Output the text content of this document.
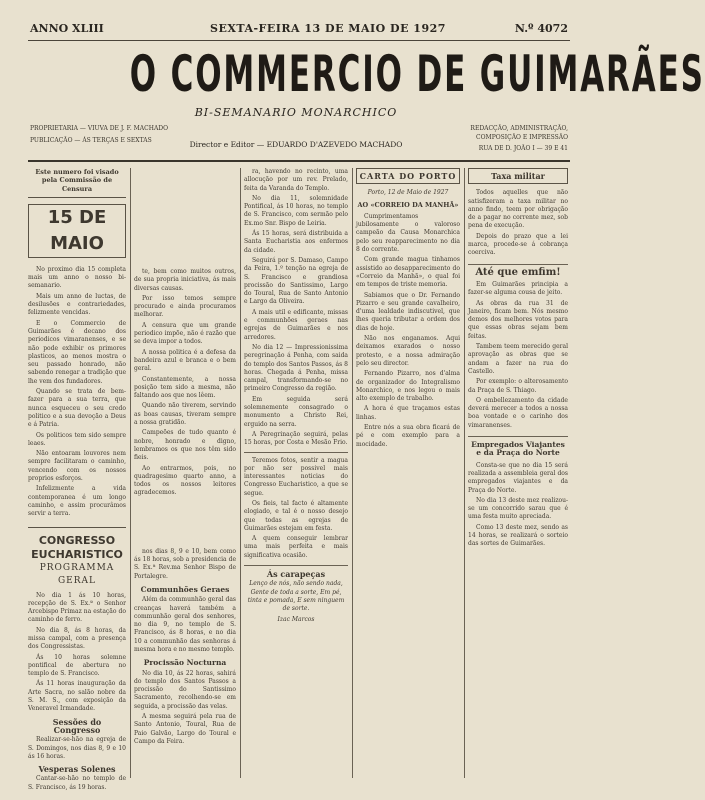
ANNO XLIII	SEXTA-FEIRA 13 DE MAIO DE 1927	N.º 4072
O COMMERCIO DE GUIMARÃES
BI-SEMANARIO MONARCHICO
PROPRIETARIA — VIUVA DE J. F. MACHADO
PUBLICAÇÃO — ÁS TERÇAS E SEXTAS	Director e Editor — EDUARDO D'AZEVEDO MACHADO
REDACÇÃO, ADMINISTRAÇÃO, COMPOSIÇÃO E IMPRESSÃO
RUA DE D. JOÃO I — 39 E 41
Este numero foi visado pela Commissão de Censura
15 DE MAIO

No proximo dia 15 completa mais um anno o nosso bi-semanario.

Mais um anno de luctas, de desilusões e contrariedades, felizmente vencidas.

E o Commercio de Guimarães é decano dos periodicos vimaranenses, e se não pode exhibir os primores plasticos, ao menos mostra o seu passado honrado, não sabendo renegar a tradição que lhe vem dos fundadores.

Quando se trata de bem-fazer para a sua terra, que nunca esqueceu o seu credo politico e a sua devoção a Deus e á Patria.

Os politicos tem sido sempre leaes.

Não entoaram louvores nem sempre facilitaram o caminho, vencendo com os nossos proprios esforços.

Infelizmente a vida contemporanea é um longo caminho, e assim procurâmos servir a terra.

CONGRESSO EUCHARISTICO
PROGRAMMA GERAL

No dia 1 ás 10 horas, recepção de S. Ex.ª o Senhor Arcebispo Primaz na estação do caminho de ferro.

No dia 8, ás 8 horas, da missa campal, com a presença dos Congressistas.

Ás 10 horas solemne pontifical de abertura no templo de S. Francisco.

Ás 11 horas inauguração da Arte Sacra, no salão nobre da S. M. S., com exposição da Veneravel Irmandade.

Sessões do Congresso

Realizar-se-hão na egreja de S. Domingos, nos dias 8, 9 e 10 ás 16 horas.

Vesperas Solenes

Cantar-se-hão no templo de S. Francisco, ás 19 horas.

te, bem como muitos outros, de sua propria iniciativa, ás mais diversas causas.

Por isso temos sempre procurado e ainda procuramos melhorar.

A censura que um grande periodico impõe, não é razão que se deva impor a todos.

A nossa politica é a defesa da bandeira azul e branca e o bem geral.

Constantemente, a nossa posição tem sido a mesma, não faltando aos que nos lêem.

Quando não tiverem, servindo as boas causas, tiveram sempre a nossa gratidão.

Campeões de tudo quanto é nobre, honrado e digno, lembramos os que nos têm sido fieis.

Ao entrarmos, pois, no quadragesimo quarto anno, a todos os nossos leitores agradecemos.

nos dias 8, 9 e 10, bem como ás 18 horas, sob a presidencia de S. Ex.ª Rev.ma Senhor Bispo de Portalegre.

Communhões Geraes

Além da communhão geral das creanças haverá também a communhão geral dos senhores, no dia 9, no templo de S. Francisco, ás 8 horas, e no dia 10 a communhão das senhoras á mesma hora e no mesmo templo.

Procissão Nocturna

No dia 10, ás 22 horas, sahirá do templo dos Santos Passos a procissão do Santissimo Sacramento, recolhendo-se em seguida, a procissão das velas.

A mesma seguirá pela rua de Santo Antonio, Toural, Rua de Paio Galvão, Largo do Toural e Campo da Feira.

ra, havendo no recinto, uma allocução por um rev. Prelado, feita da Varanda do Templo.

No dia 11, solemnidade Pontifical, ás 10 horas, no templo de S. Francisco, com sermão pelo Ex.mo Snr. Bispo de Leiria.

Ás 15 horas, será distribuida a Santa Eucharistia aos enfermos da cidade.

Seguirá por S. Damaso, Campo da Feira, 1.º tenção na egreja de S. Francisco e grandiosa procissão do Santissimo, Largo do Toural, Rua de Santo Antonio e Largo da Oliveira.

A mais util e edificante, missas e communhões geraes nas egrejas de Guimarães e nos arredores.

No dia 12 — Impressionissima peregrinação á Penha, com saida do templo dos Santos Passos, ás 8 horas. Chegada á Penha, missa campal, transformando-se no primeiro Congresso da região.

Em seguida será solemnemente consagrado o monumento a Christo Rei, erguido na serra.

A Peregrinação seguirá, pelas 15 horas, por Costa e Mesão Frio.

Teremos fotos, sentir a magua por não ser possivel mais interessantes noticias do Congresso Eucharistico, a que se segue.

Os fieis, tal facto é altamente elogiado, e tal é o nosso desejo que todas as egrejas de Guimarães estejam em festa.

A quem conseguir lembrar uma mais perfeita e mais significativa ocasião.

Ás carapeças

Lenço de nós, não sendo nada, Gente de toda a sorte, Em pé, tinta e pomada, E sem ninguem de sorte.

Izac Marcos
CARTA DO PORTO
Porto, 12 de Maio de 1927
AO «CORREIO DA MANHÃ»

Cumprimentamos jubilosamente o valoroso campeão da Causa Monarchica pelo seu reapparecimento no dia 8 do corrente.

Com grande magua tinhamos assistido ao desapparecimento do «Correio da Manhã», o qual foi em tempos de triste memoria.

Sabiamos que o Dr. Fernando Pizarro e seu grande cavalheiro, d'uma lealdade indiscutivel, que lhes queria tributar a ordem dos dias de hoje.

Não nos enganamos. Aqui deixamos exarados o nosso protesto, e a nossa admiração pelo seu director.

Fernando Pizarro, nos d'alma de organizador do Integralismo Monarchico, e nos legou o mais alto exemplo de trabalho.

A hora é que traçamos estas linhas.

Entre nós a sua obra ficará de pé e com exemplo para a mocidade.

Taxa militar

Todos aquelles que não satisfizeram a taxa militar no anno findo, teem por obrigação de a pagar no corrente mez, sob pena de execução.

Depois do prazo que a lei marca, procede-se á cobrança coerciva.

Até que emfim!

Em Guimarães principia a fazer-se alguma cousa de jeito.

As obras da rua 31 de Janeiro, ficam bem. Nós mesmo demos dos melhores votos para que essas obras sejam bem feitas.

Tambem teem merecido geral aprovação as obras que se andam a fazer na rua do Castello.

Por exemplo: o alterosamento da Praça de S. Thiago.

O embellezamento da cidade deverá merecer a todos a nossa boa vontade e o carinho dos vimaranenses.

Empregados Viajantes e da Praça do Norte

Consta-se que no dia 15 será realizada a assembleia geral dos empregados viajantes e da Praça do Norte.

No dia 13 deste mez realizou-se um concorrido sarau que é uma festa muito apreciada.

Como 13 deste mez, sendo as 14 horas, se realizará o sorteio das sortes de Guimarães.
